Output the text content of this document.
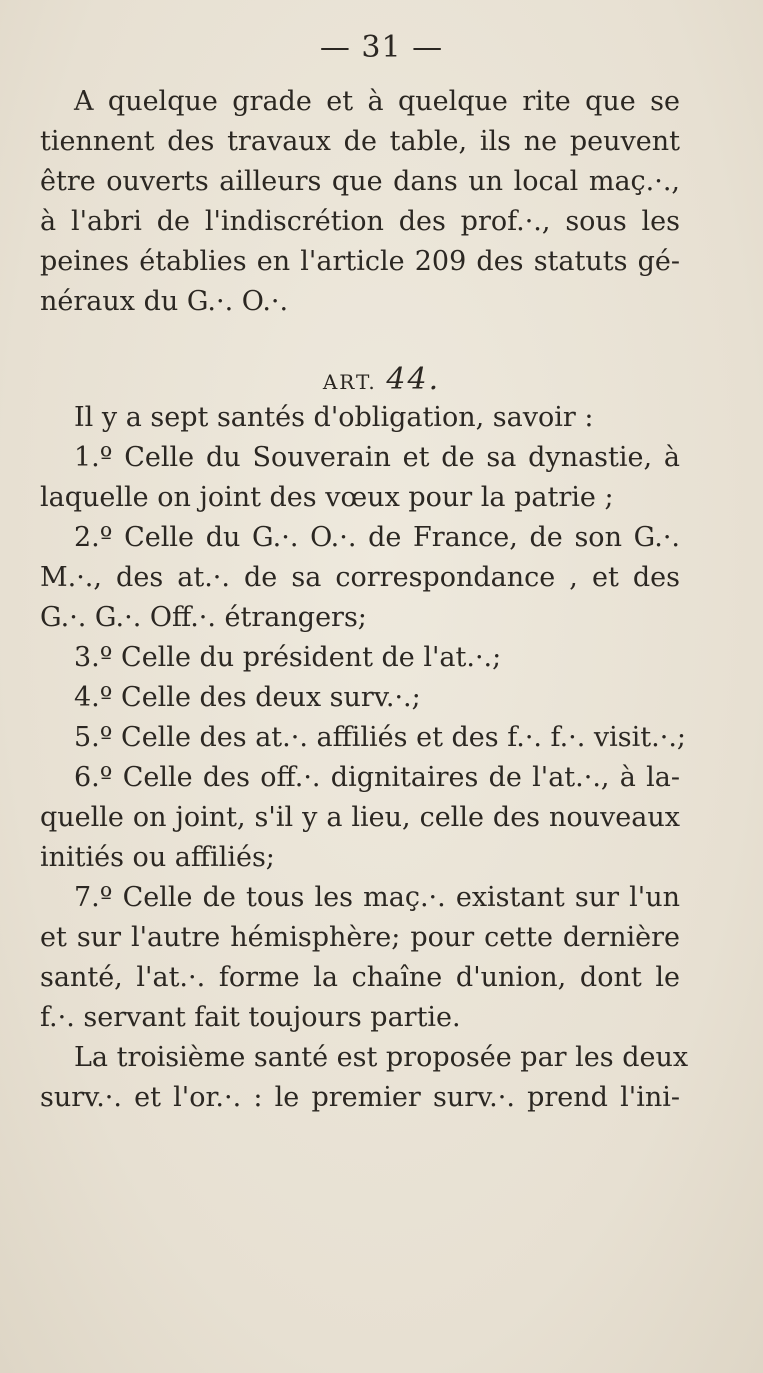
— 31 —
A quelque grade et à quelque rite que se
tiennent des travaux de table, ils ne peuvent
être ouverts ailleurs que dans un local maç.·.,
à l'abri de l'indiscrétion des prof.·., sous les
peines établies en l'article 209 des statuts gé-
néraux du G.·. O.·.
ART. 44.
Il y a sept santés d'obligation, savoir :
1.º Celle du Souverain et de sa dynastie, à
laquelle on joint des vœux pour la patrie ;
2.º Celle du G.·. O.·. de France, de son G.·.
M.·., des at.·. de sa correspondance , et des
G.·. G.·. Off.·. étrangers;
3.º Celle du président de l'at.·.;
4.º Celle des deux surv.·.;
5.º Celle des at.·. affiliés et des f.·. f.·. visit.·.;
6.º Celle des off.·. dignitaires de l'at.·., à la-
quelle on joint, s'il y a lieu, celle des nouveaux
initiés ou affiliés;
7.º Celle de tous les maç.·. existant sur l'un
et sur l'autre hémisphère; pour cette dernière
santé, l'at.·. forme la chaîne d'union, dont le
f.·. servant fait toujours partie.
La troisième santé est proposée par les deux
surv.·. et l'or.·. : le premier surv.·. prend l'ini-
